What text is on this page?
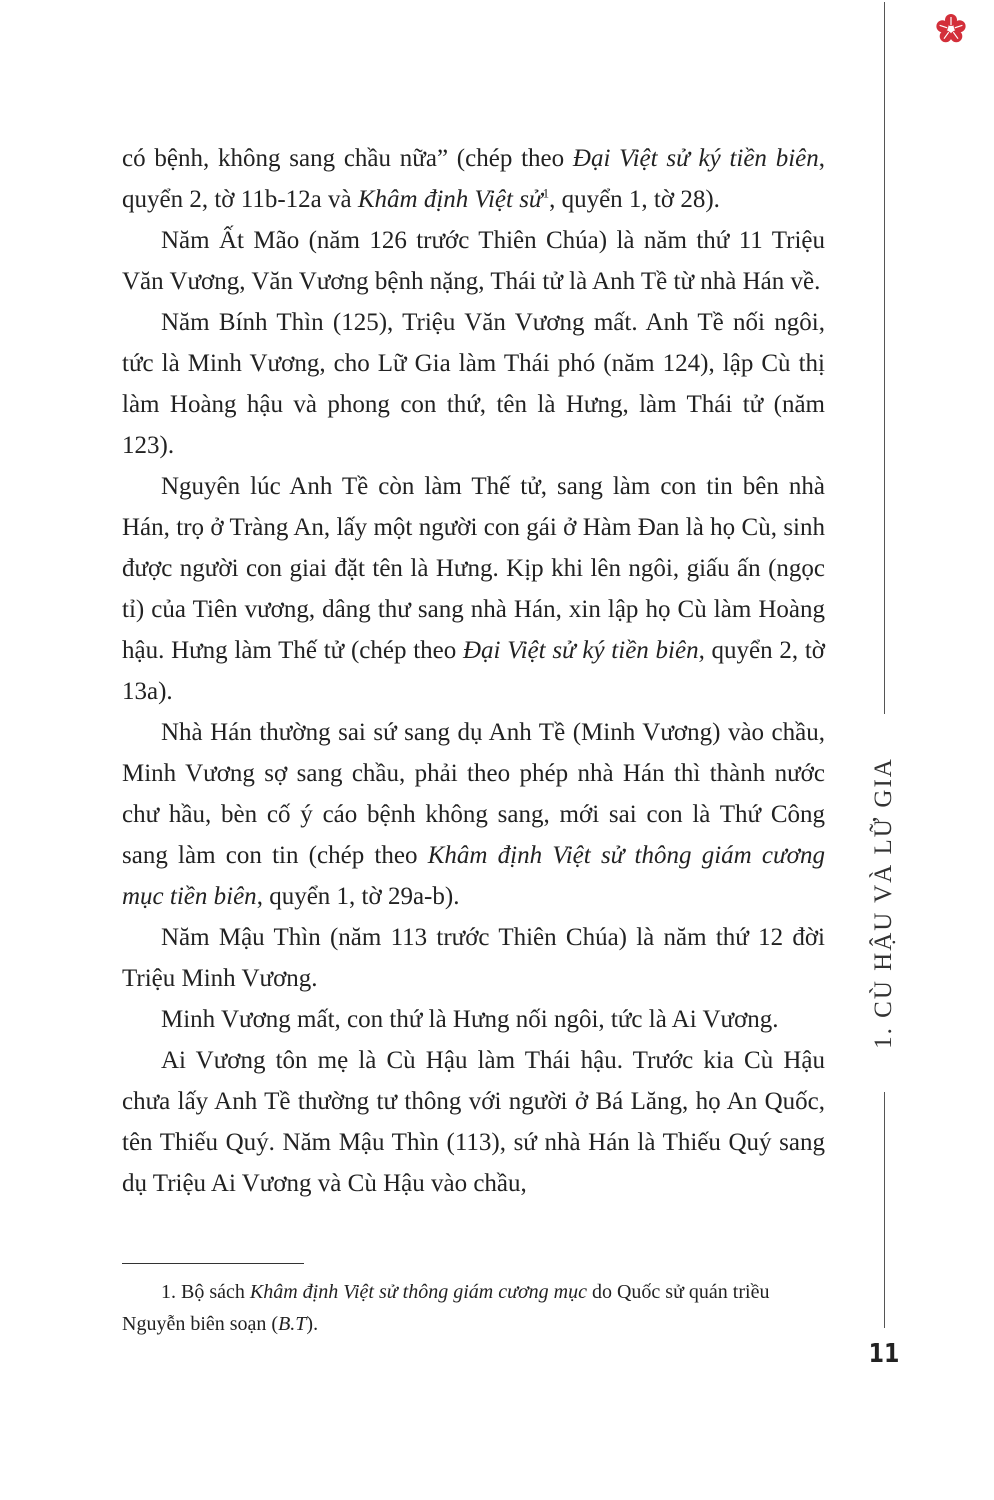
1. CÙ HẬU VÀ LỮ GIA

có bệnh, không sang chầu nữa” (chép theo Đại Việt sử ký tiền biên, quyển 2, tờ 11b-12a và Khâm định Việt sử$^1$, quyển 1, tờ 28).

Năm Ất Mão (năm 126 trước Thiên Chúa) là năm thứ 11 Triệu Văn Vương, Văn Vương bệnh nặng, Thái tử là Anh Tề từ nhà Hán về.

Năm Bính Thìn (125), Triệu Văn Vương mất. Anh Tề nối ngôi, tức là Minh Vương, cho Lữ Gia làm Thái phó (năm 124), lập Cù thị làm Hoàng hậu và phong con thứ, tên là Hưng, làm Thái tử (năm 123).

Nguyên lúc Anh Tề còn làm Thế tử, sang làm con tin bên nhà Hán, trọ ở Tràng An, lấy một người con gái ở Hàm Đan là họ Cù, sinh được người con giai đặt tên là Hưng. Kịp khi lên ngôi, giấu ấn (ngọc tỉ) của Tiên vương, dâng thư sang nhà Hán, xin lập họ Cù làm Hoàng hậu. Hưng làm Thế tử (chép theo Đại Việt sử ký tiền biên, quyển 2, tờ 13a).

Nhà Hán thường sai sứ sang dụ Anh Tề (Minh Vương) vào chầu, Minh Vương sợ sang chầu, phải theo phép nhà Hán thì thành nước chư hầu, bèn cố ý cáo bệnh không sang, mới sai con là Thứ Công sang làm con tin (chép theo Khâm định Việt sử thông giám cương mục tiền biên, quyển 1, tờ 29a-b).

Năm Mậu Thìn (năm 113 trước Thiên Chúa) là năm thứ 12 đời Triệu Minh Vương.

Minh Vương mất, con thứ là Hưng nối ngôi, tức là Ai Vương.

Ai Vương tôn mẹ là Cù Hậu làm Thái hậu. Trước kia Cù Hậu chưa lấy Anh Tề thường tư thông với người ở Bá Lăng, họ An Quốc, tên Thiếu Quý. Năm Mậu Thìn (113), sứ nhà Hán là Thiếu Quý sang dụ Triệu Ai Vương và Cù Hậu vào chầu,

1. Bộ sách Khâm định Việt sử thông giám cương mục do Quốc sử quán triều Nguyễn biên soạn (B.T).

11
